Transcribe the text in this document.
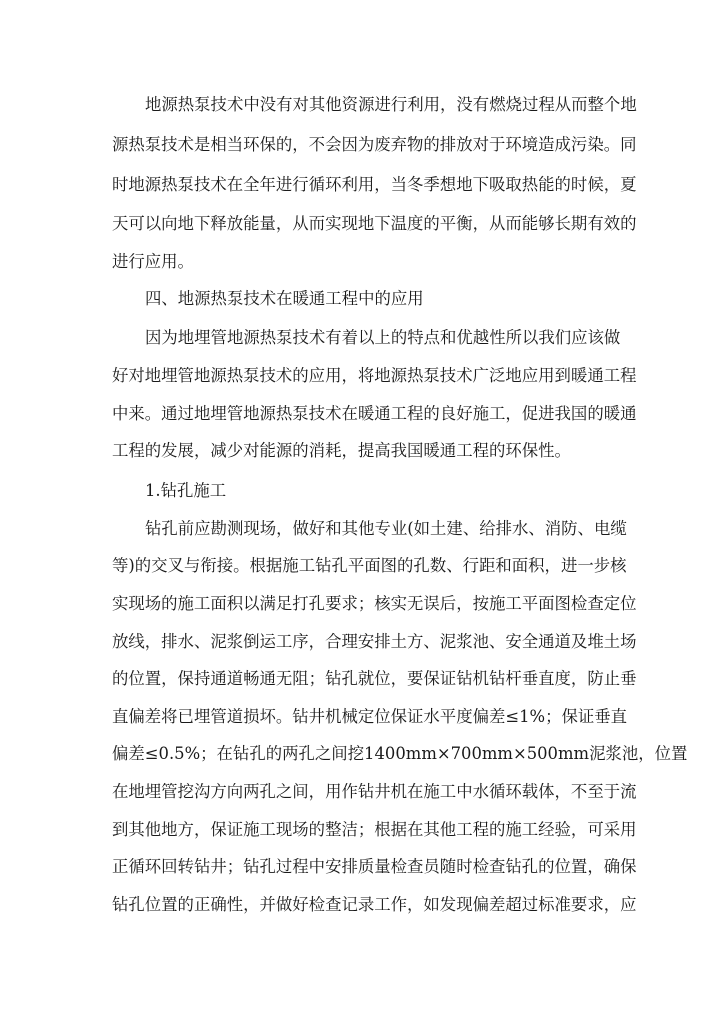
地源热泵技术中没有对其他资源进行利用，没有燃烧过程从而整个地

源热泵技术是相当环保的，不会因为废弃物的排放对于环境造成污染。同

时地源热泵技术在全年进行循环利用，当冬季想地下吸取热能的时候，夏

天可以向地下释放能量，从而实现地下温度的平衡，从而能够长期有效的

进行应用。

四、地源热泵技术在暖通工程中的应用

因为地埋管地源热泵技术有着以上的特点和优越性所以我们应该做

好对地埋管地源热泵技术的应用，将地源热泵技术广泛地应用到暖通工程

中来。通过地埋管地源热泵技术在暖通工程的良好施工，促进我国的暖通

工程的发展，减少对能源的消耗，提高我国暖通工程的环保性。

1.钻孔施工

钻孔前应勘测现场，做好和其他专业(如土建、给排水、消防、电缆

等)的交叉与衔接。根据施工钻孔平面图的孔数、行距和面积，进一步核

实现场的施工面积以满足打孔要求；核实无误后，按施工平面图检查定位

放线，排水、泥浆倒运工序，合理安排土方、泥浆池、安全通道及堆土场

的位置，保持通道畅通无阻；钻孔就位，要保证钻机钻杆垂直度，防止垂

直偏差将已埋管道损坏。钻井机械定位保证水平度偏差≤1%；保证垂直

偏差≤0.5%；在钻孔的两孔之间挖1400mm×700mm×500mm泥浆池，位置

在地埋管挖沟方向两孔之间，用作钻井机在施工中水循环载体，不至于流

到其他地方，保证施工现场的整洁；根据在其他工程的施工经验，可采用

正循环回转钻井；钻孔过程中安排质量检查员随时检查钻孔的位置，确保

钻孔位置的正确性，并做好检查记录工作，如发现偏差超过标准要求，应
